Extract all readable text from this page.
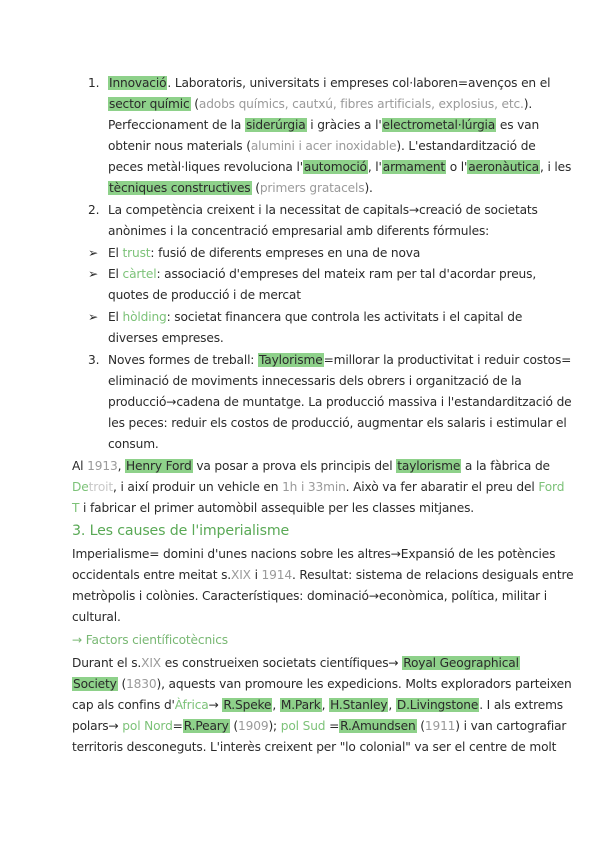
1. Innovació. Laboratoris, universitats i empreses col·laboren=avenços en el
sector químic (adobs químics, cautxú, fibres artificials, explosius, etc.).
Perfeccionament de la siderúrgia i gràcies a l'electrometal·lúrgia es van
obtenir nous materials (alumini i acer inoxidable). L'estandardització de
peces metàl·liques revoluciona l'automoció, l'armament o l'aeronàutica, i les
tècniques constructives (primers gratacels).
2. La competència creixent i la necessitat de capitals→creació de societats
anònimes i la concentració empresarial amb diferents fórmules:
➢ El trust: fusió de diferents empreses en una de nova
➢ El càrtel: associació d'empreses del mateix ram per tal d'acordar preus,
quotes de producció i de mercat
➢ El hòlding: societat financera que controla les activitats i el capital de
diverses empreses.
3. Noves formes de treball: Taylorisme=millorar la productivitat i reduir costos=
eliminació de moviments innecessaris dels obrers i organització de la
producció→cadena de muntatge. La producció massiva i l'estandardització de
les peces: reduir els costos de producció, augmentar els salaris i estimular el
consum.
Al 1913, Henry Ford va posar a prova els principis del taylorisme a la fàbrica de
Detroit, i així produir un vehicle en 1h i 33min. Això va fer abaratir el preu del Ford
T i fabricar el primer automòbil assequible per les classes mitjanes.
3. Les causes de l'imperialisme
Imperialisme= domini d'unes nacions sobre les altres→Expansió de les potències
occidentals entre meitat s.XIX i 1914. Resultat: sistema de relacions desiguals entre
metròpolis i colònies. Característiques: dominació→econòmica, política, militar i
cultural.
→ Factors científicotècnics
Durant el s.XIX es construeixen societats científiques→ Royal Geographical
Society (1830), aquests van promoure les expedicions. Molts exploradors parteixen
cap als confins d'Àfrica→ R.Speke, M.Park, H.Stanley, D.Livingstone. I als extrems
polars→ pol Nord=R.Peary (1909); pol Sud =R.Amundsen (1911) i van cartografiar
territoris desconeguts. L'interès creixent per "lo colonial" va ser el centre de molt
